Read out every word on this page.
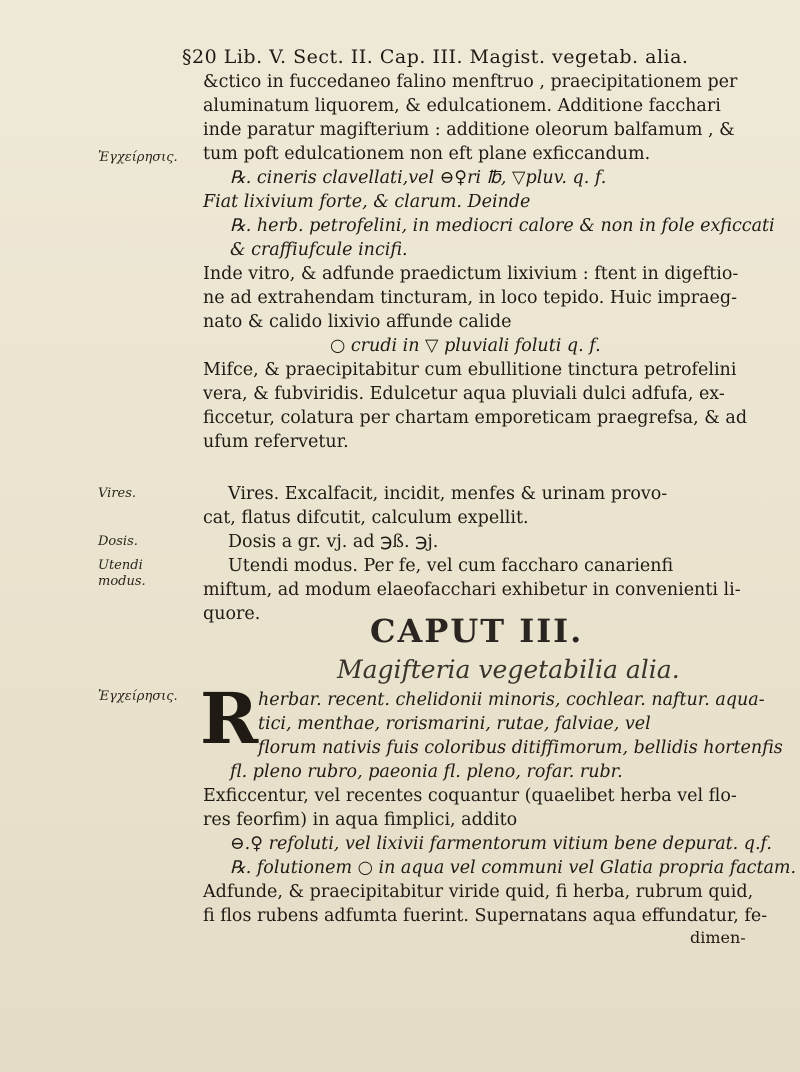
§20 Lib. V. Sect. II. Cap. III. Magist. vegetab. alia.
Ἐγχείρησις.
Vires.
Dosis.
Utendi modus.
Ἐγχείρησις.
&ctico in fuccedaneo falino menftruo , praecipitationem per
aluminatum liquorem, & edulcationem. Additione facchari
inde paratur magifterium : additione oleorum balfamum , &
tum poft edulcationem non eft plane exficcandum.
℞. cineris clavellati,vel ⊖♀ri ℔, ▽pluv. q. f.
Fiat lixivium forte, & clarum. Deinde
℞. herb. petrofelini, in mediocri calore & non in fole exficcati
& craffiufcule incifi.
Inde vitro, & adfunde praedictum lixivium : ftent in digeftio-
ne ad extrahendam tincturam, in loco tepido. Huic impraeg-
nato & calido lixivio affunde calide
○ crudi in ▽ pluviali foluti q. f.
Mifce, & praecipitabitur cum ebullitione tinctura petrofelini
vera, & fubviridis. Edulcetur aqua pluviali dulci adfufa, ex-
ficcetur, colatura per chartam emporeticam praegrefsa, & ad
ufum refervetur.
Vires. Excalfacit, incidit, menfes & urinam provo-
cat, flatus difcutit, calculum expellit.
Dosis a gr. vj. ad ℈ß. ℈j.
Utendi modus. Per fe, vel cum faccharo canarienfi
miftum, ad modum elaeofacchari exhibetur in convenienti li-
quore.	CAPUT III.
Magifteria vegetabilia alia.
R herbar. recent. chelidonii minoris, cochlear. naftur. aqua-
tici, menthae, rorismarini, rutae, falviae, vel
florum nativis fuis coloribus ditiffimorum, bellidis hortenfis
fl. pleno rubro, paeonia fl. pleno, rofar. rubr.
Exficcentur, vel recentes coquantur (quaelibet herba vel flo-
res feorfim) in aqua fimplici, addito
⊖.♀ refoluti, vel lixivii farmentorum vitium bene depurat. q.f.
℞. folutionem ○ in aqua vel communi vel Glatia propria factam.
Adfunde, & praecipitabitur viride quid, fi herba, rubrum quid,
fi flos rubens adfumta fuerint. Supernatans aqua effundatur, fe-
dimen-
